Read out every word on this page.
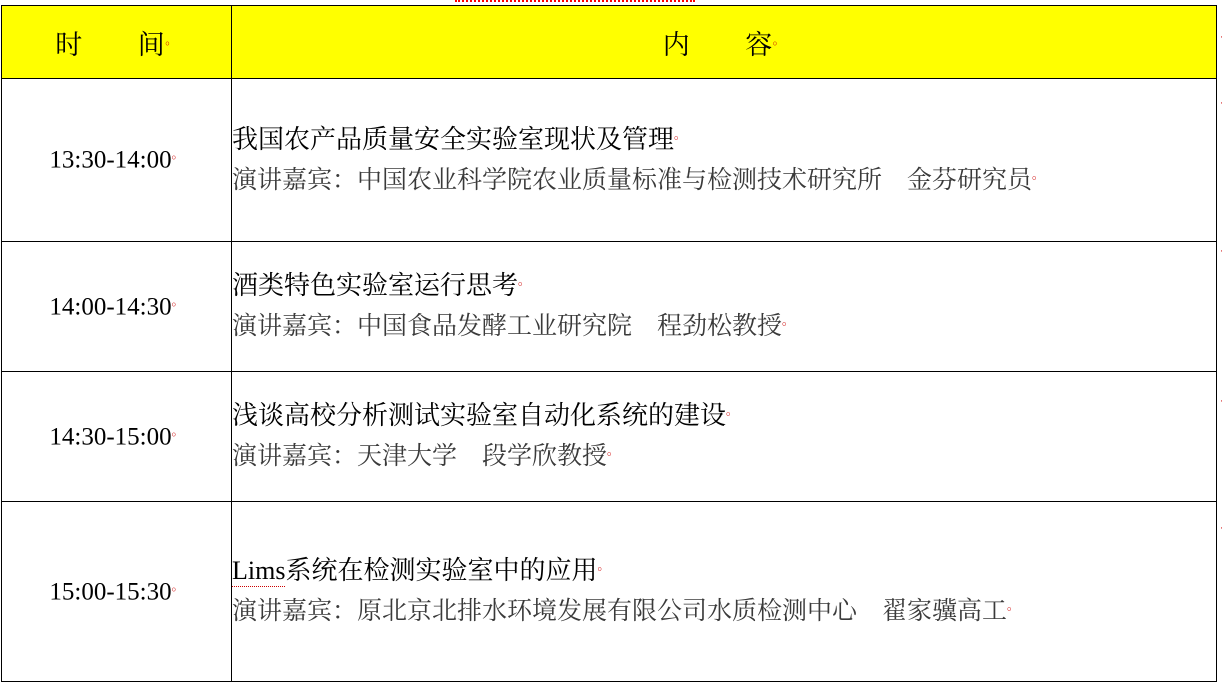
·
·
·
·
·
时　　间。	内　　容。
13:30-14:00。	我国农产品质量安全实验室现状及管理。
演讲嘉宾：中国农业科学院农业质量标准与检测技术研究所　金芬研究员。

14:00-14:30。	酒类特色实验室运行思考。
演讲嘉宾：中国食品发酵工业研究院　程劲松教授。

14:30-15:00。	浅谈高校分析测试实验室自动化系统的建设。
演讲嘉宾：天津大学　段学欣教授。

15:00-15:30。	Lims系统在检测实验室中的应用。
演讲嘉宾：原北京北排水环境发展有限公司水质检测中心　翟家骥高工。
